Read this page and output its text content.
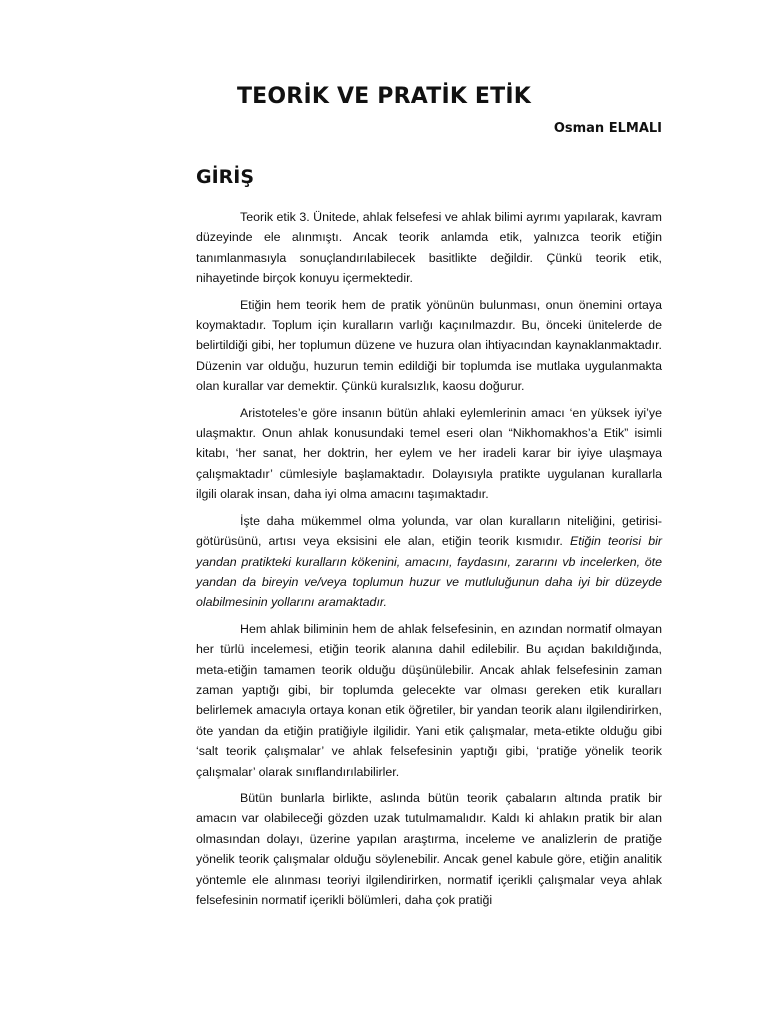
TEORİK VE PRATİK ETİK
Osman ELMALI
GİRİŞ

Teorik etik 3. Ünitede, ahlak felsefesi ve ahlak bilimi ayrımı yapılarak, kavram düzeyinde ele alınmıştı. Ancak teorik anlamda etik, yalnızca teorik etiğin tanımlanmasıyla sonuçlandırılabilecek basitlikte değildir. Çünkü teorik etik, nihayetinde birçok konuyu içermektedir.

Etiğin hem teorik hem de pratik yönünün bulunması, onun önemini ortaya koymaktadır. Toplum için kuralların varlığı kaçınılmazdır. Bu, önceki ünitelerde de belirtildiği gibi, her toplumun düzene ve huzura olan ihtiyacından kaynaklanmaktadır. Düzenin var olduğu, huzurun temin edildiği bir toplumda ise mutlaka uygulanmakta olan kurallar var demektir. Çünkü kuralsızlık, kaosu doğurur.

Aristoteles’e göre insanın bütün ahlaki eylemlerinin amacı ‘en yüksek iyi’ye ulaşmaktır. Onun ahlak konusundaki temel eseri olan “Nikhomakhos’a Etik” isimli kitabı, ‘her sanat, her doktrin, her eylem ve her iradeli karar bir iyiye ulaşmaya çalışmaktadır’ cümlesiyle başlamaktadır. Dolayısıyla pratikte uygulanan kurallarla ilgili olarak insan, daha iyi olma amacını taşımaktadır.

İşte daha mükemmel olma yolunda, var olan kuralların niteliğini, getirisi-götürüsünü, artısı veya eksisini ele alan, etiğin teorik kısmıdır. Etiğin teorisi bir yandan pratikteki kuralların kökenini, amacını, faydasını, zararını vb incelerken, öte yandan da bireyin ve/veya toplumun huzur ve mutluluğunun daha iyi bir düzeyde olabilmesinin yollarını aramaktadır.

Hem ahlak biliminin hem de ahlak felsefesinin, en azından normatif olmayan her türlü incelemesi, etiğin teorik alanına dahil edilebilir. Bu açıdan bakıldığında, meta-etiğin tamamen teorik olduğu düşünülebilir. Ancak ahlak felsefesinin zaman zaman yaptığı gibi, bir toplumda gelecekte var olması gereken etik kuralları belirlemek amacıyla ortaya konan etik öğretiler, bir yandan teorik alanı ilgilendirirken, öte yandan da etiğin pratiğiyle ilgilidir. Yani etik çalışmalar, meta-etikte olduğu gibi ‘salt teorik çalışmalar’ ve ahlak felsefesinin yaptığı gibi, ‘pratiğe yönelik teorik çalışmalar’ olarak sınıflandırılabilirler.

Bütün bunlarla birlikte, aslında bütün teorik çabaların altında pratik bir amacın var olabileceği gözden uzak tutulmamalıdır. Kaldı ki ahlakın pratik bir alan olmasından dolayı, üzerine yapılan araştırma, inceleme ve analizlerin de pratiğe yönelik teorik çalışmalar olduğu söylenebilir. Ancak genel kabule göre, etiğin analitik yöntemle ele alınması teoriyi ilgilendirirken, normatif içerikli çalışmalar veya ahlak felsefesinin normatif içerikli bölümleri, daha çok pratiği
